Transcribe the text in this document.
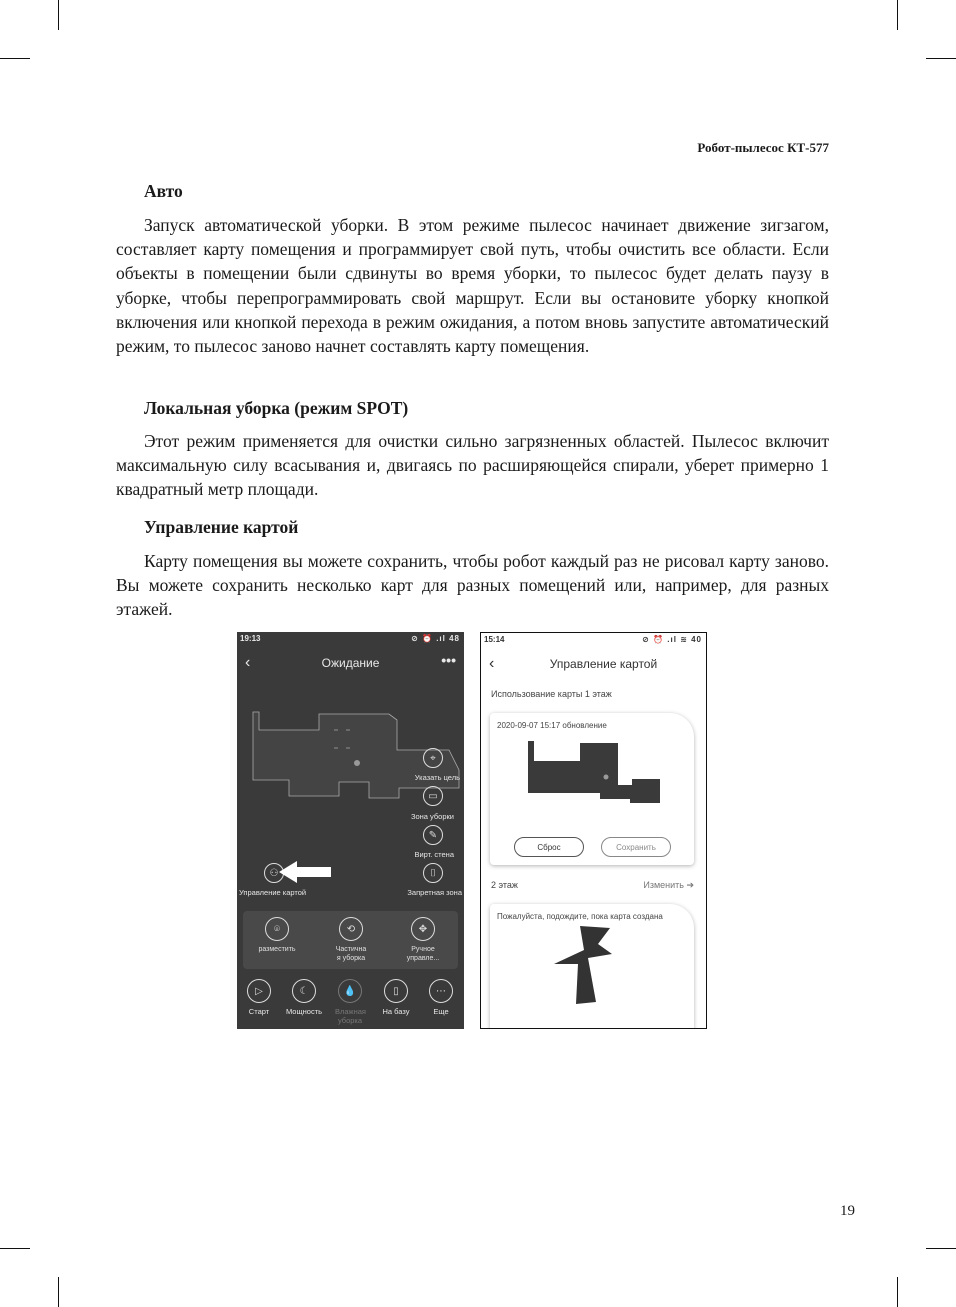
Робот-пылесос КТ-577
Авто

Запуск автоматической уборки. В этом режиме пылесос начинает движение зигзагом, составляет карту помещения и программирует свой путь, чтобы очистить все области. Если объекты в помещении были сдвинуты во время уборки, то пылесос будет делать паузу в уборке, чтобы перепрограммировать свой маршрут. Если вы остановите уборку кнопкой включения или кнопкой перехода в режим ожидания, а потом вновь запустите автоматический режим, то пылесос заново начнет составлять карту помещения.

Локальная уборка (режим SPOT)

Этот режим применяется для очистки сильно загрязненных областей. Пылесос включит максимальную силу всасывания и, двигаясь по расширяющейся спирали, уберет примерно 1 квадратный метр площади.

Управление картой

Карту помещения вы можете сохранить, чтобы робот каждый раз не рисовал карту заново. Вы можете сохранить несколько карт для разных помещений или, например, для разных этажей.

19:13	⊘ ⏰ .ıl 48
‹	Ожидание	•••
⌖
Указать цель
▭
Зона уборки
✎
Вирт. стена
⌷
Запретная зона
⚇
Управление картой
⌾
разместить
⟲
Частична я уборка
✥
Ручное управле...
▷
Старт
☾
Мощность
💧
Влажная уборка
▯
На базу
⋯
Еще
15:14	⊘ ⏰ .ıl ≋ 40
‹	Управление картой
Использование карты 1 этаж
2020-09-07 15:17 обновление
Сброс	Сохранить
2 этаж	Изменить ➔
Пожалуйста, подождите, пока карта создана
19
